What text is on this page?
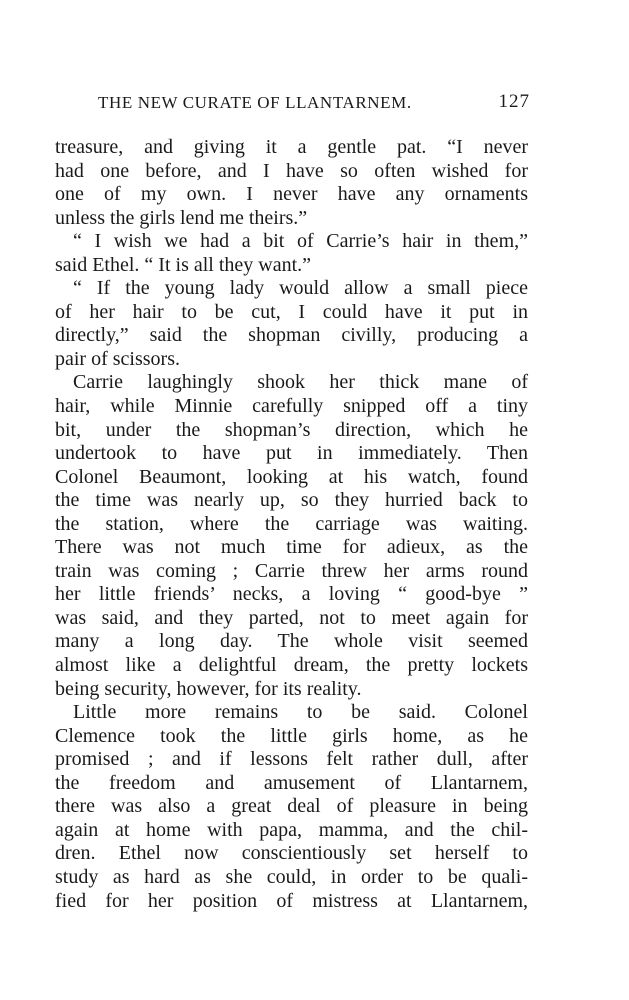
THE NEW CURATE OF LLANTARNEM.	127
treasure, and giving it a gentle pat. “I never
had one before, and I have so often wished for
one of my own. I never have any ornaments
unless the girls lend me theirs.”
“ I wish we had a bit of Carrie’s hair in them,”
said Ethel. “ It is all they want.”
“ If the young lady would allow a small piece
of her hair to be cut, I could have it put in
directly,” said the shopman civilly, producing a
pair of scissors.
Carrie laughingly shook her thick mane of
hair, while Minnie carefully snipped off a tiny
bit, under the shopman’s direction, which he
undertook to have put in immediately. Then
Colonel Beaumont, looking at his watch, found
the time was nearly up, so they hurried back to
the station, where the carriage was waiting.
There was not much time for adieux, as the
train was coming ; Carrie threw her arms round
her little friends’ necks, a loving “ good-bye ”
was said, and they parted, not to meet again for
many a long day. The whole visit seemed
almost like a delightful dream, the pretty lockets
being security, however, for its reality.
Little more remains to be said. Colonel
Clemence took the little girls home, as he
promised ; and if lessons felt rather dull, after
the freedom and amusement of Llantarnem,
there was also a great deal of pleasure in being
again at home with papa, mamma, and the chil-
dren. Ethel now conscientiously set herself to
study as hard as she could, in order to be quali-
fied for her position of mistress at Llantarnem,
